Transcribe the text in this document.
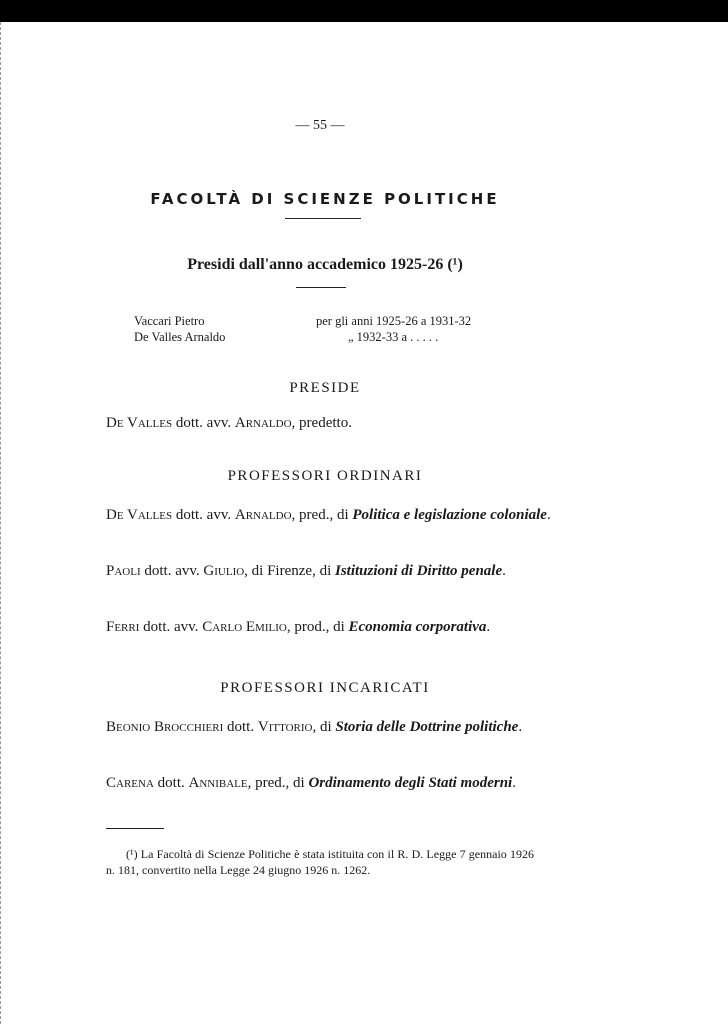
— 55 —
FACOLTÀ DI SCIENZE POLITICHE
Presidi dall'anno accademico 1925-26 (¹)
Vaccari Pietro	per gli anni 1925-26 a 1931-32
De Valles Arnaldo	„ 1932-33 a . . . . .
PRESIDE
De Valles dott. avv. Arnaldo, predetto.
PROFESSORI ORDINARI
De Valles dott. avv. Arnaldo, pred., di Politica e legislazione coloniale.
Paoli dott. avv. Giulio, di Firenze, di Istituzioni di Diritto penale.
Ferri dott. avv. Carlo Emilio, prod., di Economia corporativa.
PROFESSORI INCARICATI
Beonio Brocchieri dott. Vittorio, di Storia delle Dottrine politiche.
Carena dott. Annibale, pred., di Ordinamento degli Stati moderni.
(¹) La Facoltà di Scienze Politiche è stata istituita con il R. D. Legge 7 gennaio 1926 n. 181, convertito nella Legge 24 giugno 1926 n. 1262.
